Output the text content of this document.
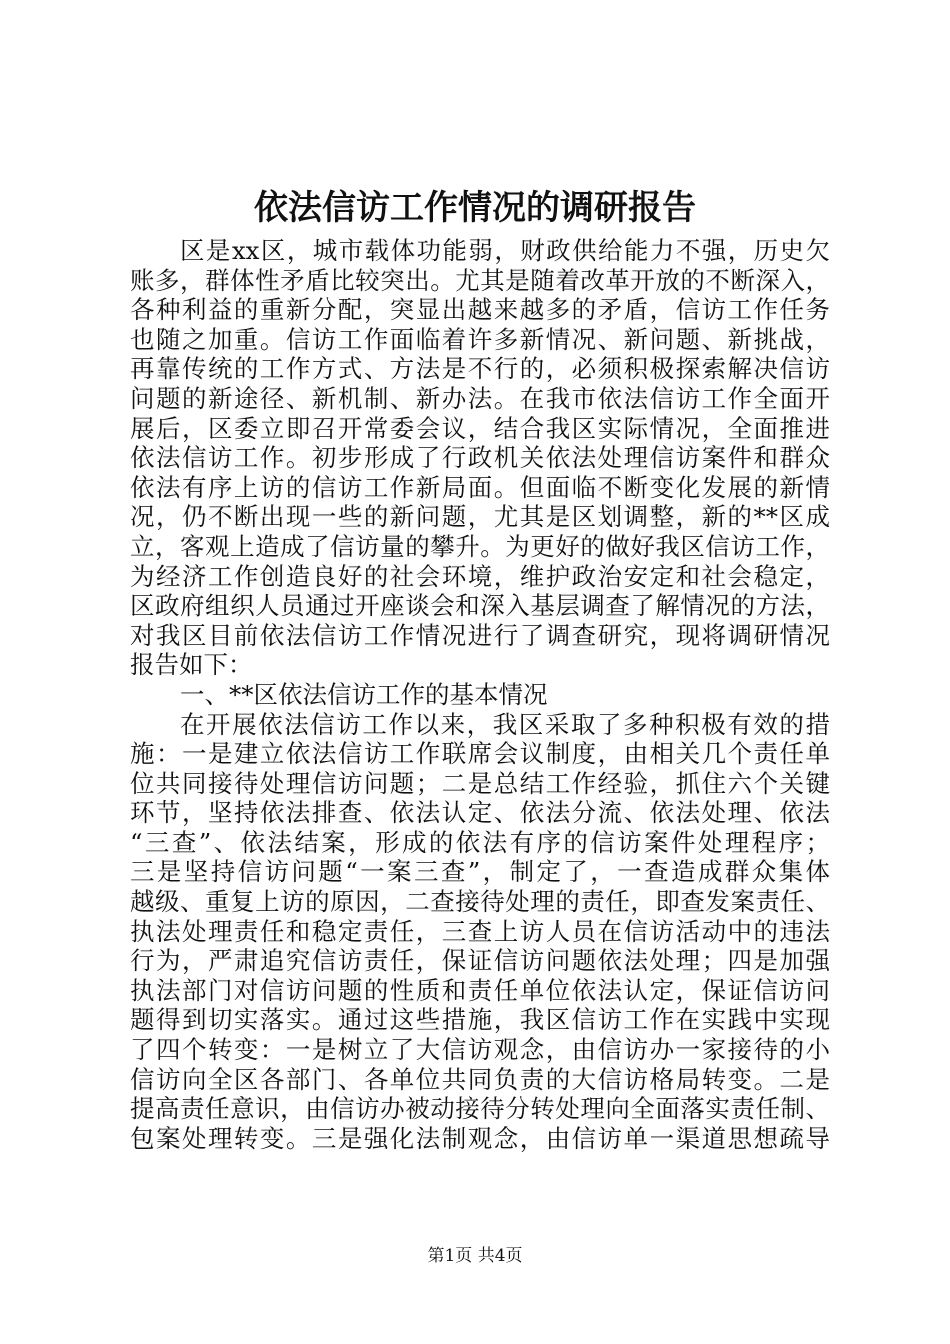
依法信访工作情况的调研报告
区是xx区，城市载体功能弱，财政供给能力不强，历史欠
账多，群体性矛盾比较突出。尤其是随着改革开放的不断深入，
各种利益的重新分配，突显出越来越多的矛盾，信访工作任务
也随之加重。信访工作面临着许多新情况、新问题、新挑战，
再靠传统的工作方式、方法是不行的，必须积极探索解决信访
问题的新途径、新机制、新办法。在我市依法信访工作全面开
展后，区委立即召开常委会议，结合我区实际情况，全面推进
依法信访工作。初步形成了行政机关依法处理信访案件和群众
依法有序上访的信访工作新局面。但面临不断变化发展的新情
况，仍不断出现一些的新问题，尤其是区划调整，新的**区成
立，客观上造成了信访量的攀升。为更好的做好我区信访工作，
为经济工作创造良好的社会环境，维护政治安定和社会稳定，
区政府组织人员通过开座谈会和深入基层调查了解情况的方法，
对我区目前依法信访工作情况进行了调查研究，现将调研情况
报告如下：
一、**区依法信访工作的基本情况
在开展依法信访工作以来，我区采取了多种积极有效的措
施：一是建立依法信访工作联席会议制度，由相关几个责任单
位共同接待处理信访问题；二是总结工作经验，抓住六个关键
环节，坚持依法排查、依法认定、依法分流、依法处理、依法
“三查”、依法结案，形成的依法有序的信访案件处理程序；
三是坚持信访问题“一案三查”，制定了，一查造成群众集体
越级、重复上访的原因，二查接待处理的责任，即查发案责任、
执法处理责任和稳定责任，三查上访人员在信访活动中的违法
行为，严肃追究信访责任，保证信访问题依法处理；四是加强
执法部门对信访问题的性质和责任单位依法认定，保证信访问
题得到切实落实。通过这些措施，我区信访工作在实践中实现
了四个转变：一是树立了大信访观念，由信访办一家接待的小
信访向全区各部门、各单位共同负责的大信访格局转变。二是
提高责任意识，由信访办被动接待分转处理向全面落实责任制、
包案处理转变。三是强化法制观念，由信访单一渠道思想疏导
第1页 共4页
